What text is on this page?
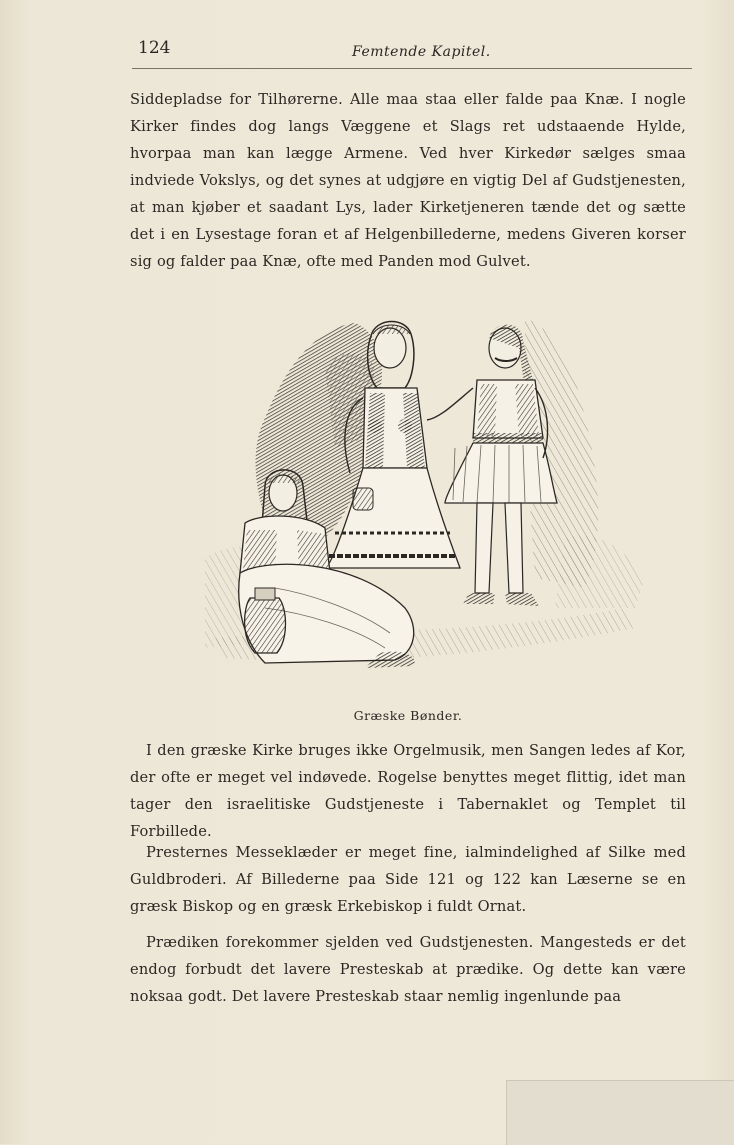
124	Femtende Kapitel.

Siddepladse for Tilhørerne. Alle maa staa eller falde paa Knæ. I nogle Kirker findes dog langs Væggene et Slags ret udstaaende Hylde, hvorpaa man kan lægge Armene. Ved hver Kirkedør sælges smaa indviede Vokslys, og det synes at udgjøre en vigtig Del af Gudstjenesten, at man kjøber et saadant Lys, lader Kirketjeneren tænde det og sætte det i en Lysestage foran et af Helgenbillederne, medens Giveren korser sig og falder paa Knæ, ofte med Panden mod Gulvet.

Græske Bønder.

I den græske Kirke bruges ikke Orgelmusik, men Sangen ledes af Kor, der ofte er meget vel indøvede. Rogelse benyttes meget flittig, idet man tager den israelitiske Gudstjeneste i Tabernaklet og Templet til Forbillede.

Presternes Messeklæder er meget fine, ialmindelighed af Silke med Guldbroderi. Af Billederne paa Side 121 og 122 kan Læserne se en græsk Biskop og en græsk Erkebiskop i fuldt Ornat.

Prædiken forekommer sjelden ved Gudstjenesten. Mangesteds er det endog forbudt det lavere Presteskab at prædike. Og dette kan være noksaa godt. Det lavere Presteskab staar nemlig ingenlunde paa
